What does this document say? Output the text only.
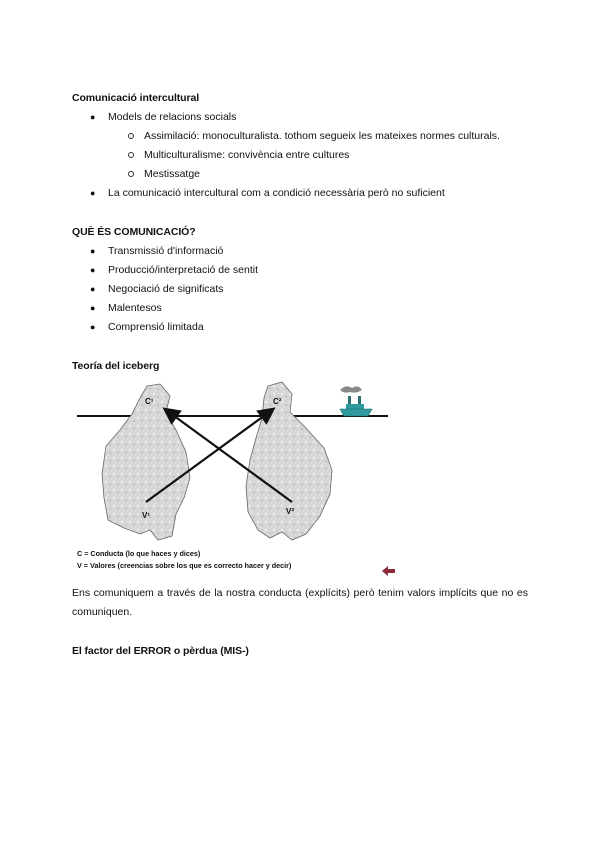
Comunicació intercultural
● Models de relacions socials
Assimilació: monoculturalista. tothom segueix les mateixes normes culturals.
Multiculturalisme: convivència entre cultures
Mestissatge
● La comunicació intercultural com a condició necessària però no suficient
QUÈ ÉS COMUNICACIÓ?
● Transmissió d'informació
● Producció/interpretació de sentit
● Negociació de significats
● Malentesos
● Comprensió limitada
Teoría del iceberg
C¹	C²
V¹	V²
C = Conducta (lo que haces y dices)
V = Valores (creencias sobre los que es correcto hacer y decir)
Ens comuniquem a través de la nostra conducta (explícits) però tenim valors implícits que no es comuniquen.
El factor del ERROR o pèrdua (MIS-)
